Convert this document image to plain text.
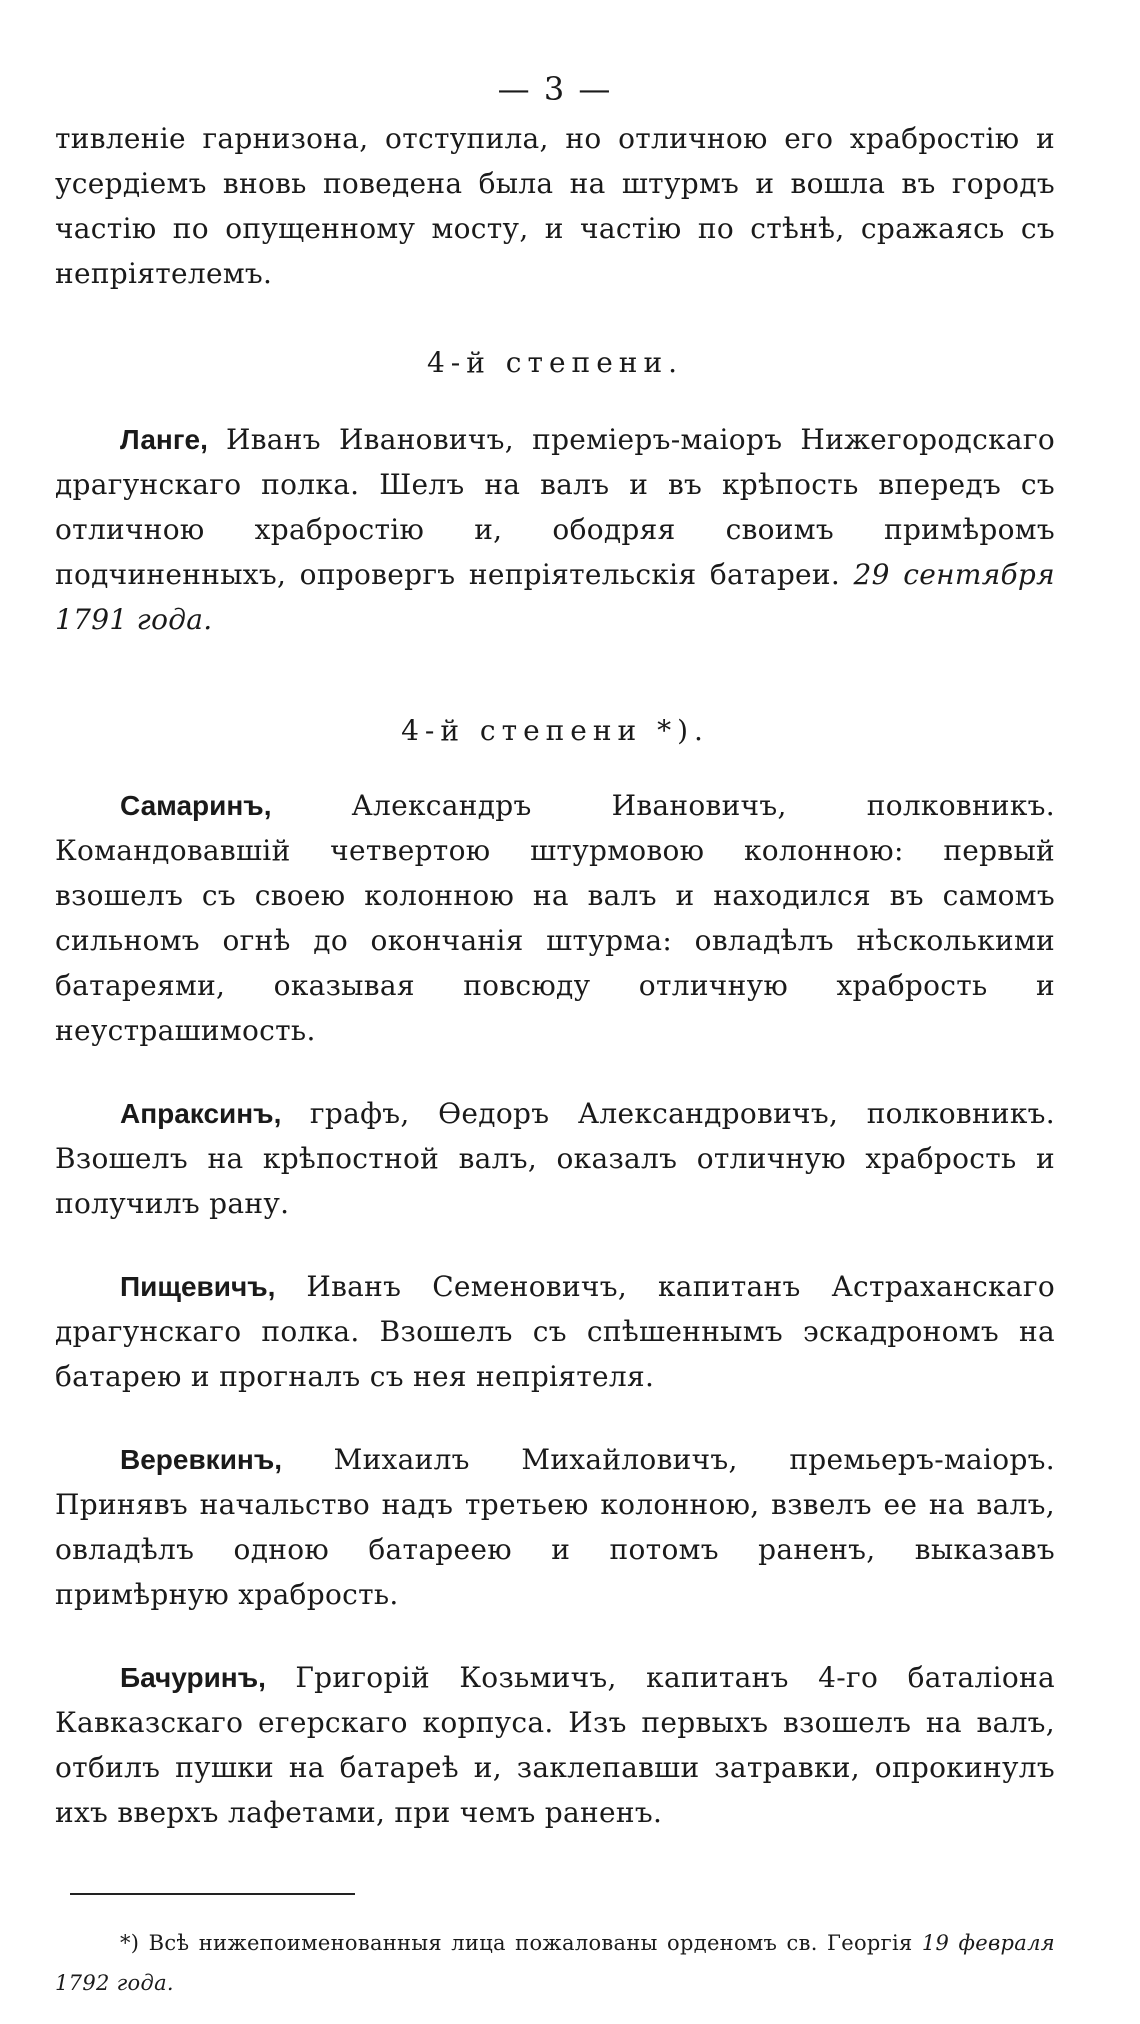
— 3 —

тивленіе гарнизона, отступила, но отличною его храбростію и усердіемъ вновь поведена была на штурмъ и вошла въ городъ частію по опущенному мосту, и частію по стѣнѣ, сражаясь съ непріятелемъ.

4-й степени.

Ланге, Иванъ Ивановичъ, преміеръ-маіоръ Нижегородскаго драгунскаго полка. Шелъ на валъ и въ крѣпость впередъ съ отличною храбростію и, ободряя своимъ примѣромъ подчиненныхъ, опровергъ непріятельскія батареи. 29 сентября 1791 года.

4-й степени *).

Самаринъ, Александръ Ивановичъ, полковникъ. Командовавшій четвертою штурмовою колонною: первый взошелъ съ своею колонною на валъ и находился въ самомъ сильномъ огнѣ до окончанія штурма: овладѣлъ нѣсколькими батареями, оказывая повсюду отличную храбрость и неустрашимость.

Апраксинъ, графъ, Өедоръ Александровичъ, полковникъ. Взошелъ на крѣпостной валъ, оказалъ отличную храбрость и получилъ рану.

Пищевичъ, Иванъ Семеновичъ, капитанъ Астраханскаго драгунскаго полка. Взошелъ съ спѣшеннымъ эскадрономъ на батарею и прогналъ съ нея непріятеля.

Веревкинъ, Михаилъ Михайловичъ, премьеръ-маіоръ. Принявъ начальство надъ третьею колонною, взвелъ ее на валъ, овладѣлъ одною батареею и потомъ раненъ, выказавъ примѣрную храбрость.

Бачуринъ, Григорій Козьмичъ, капитанъ 4-го баталіона Кавказскаго егерскаго корпуса. Изъ первыхъ взошелъ на валъ, отбилъ пушки на батареѣ и, заклепавши затравки, опрокинулъ ихъ вверхъ лафетами, при чемъ раненъ.

*) Всѣ нижепоименованныя лица пожалованы орденомъ св. Георгія 19 февраля 1792 года.
